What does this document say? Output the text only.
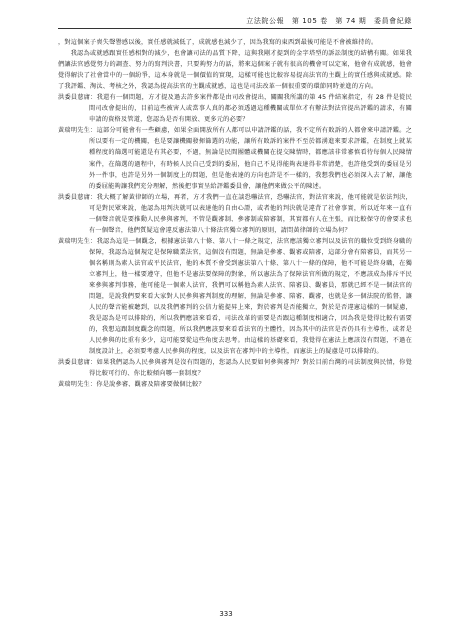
立法院公報　第 105 卷　第 74 期　委員會紀錄

，對這個案子喪失聲譽感以後，實任感就減低了，成就感也減少了，因為我寫的東西到最後可能是不會被維持的。

我認為或就感跟實任感相對的減少，也會讓司法的品質下降，這與我剛才提到的金字塔型的訴訟制度的結構有關。如果我們讓法官感覺努力的調查、努力的寫判決書，只要夠努力的話，將來這個案子就有很高的機會可以定案，他會有成就感，他會覺得解決了社會當中的一個紛爭，這本身就是一個價值的實現，這樣可能也比較容易提高法官的主觀上的實任感與成就感。除了我評鑑、淘汰、考核之外，我認為提高法官的主觀成就感，這也是司法改革一個很重要的環節同時並進的方向。

洪委員慈庸：我還有一個問題，方才提及過去許多案件都是由司改會提出，關關我所講的第 45 件結案指定，有 28 件是從民間司改會提出的，目前這些被害人或當事人真的都必須透過這種機關或單位才有辦法對法官提出評鑑的請求，有關申請的資格及管道，您認為是否有開放、更多元的必要？

黃瑞明先生：這部分可能會有一些顧慮，如果全面開放所有人都可以申請評鑑的話，我不定所有敗訴的人都會來申請評鑑。之所以要有一定的機關，也是要讓機關發揮篩選的功能，讓所有敗訴的案件不至於都湧進來要求評鑑，在制度上就某種程度的篩選可能還是有其必要，不過，無論是民間團體或機關在提交陳情時，都應該非常審慎看待每個人民陳情案件，在篩選的過程中，有時候人民自己受到的委屈，他自己不見得能夠表達得非常清楚，也許他受到的委屈是另外一件事，也許是另外一個制度上的問題，但是他表達的方向也許是不一樣的，我想我們也必須深入去了解，讓他的委屈能夠讓我們充分理解，然後把事實呈給評鑑委員會，讓他們來做公平的陳述。

洪委員慈庸：我大概了解黃律師的立場，再者，方才我們一直在談恐嚇法官，恐嚇法官，對法官來說，他可能就是依法判決，可是對民眾來說，他認為用判決就可以表達他的自由心證，或者他的判決就是違背了社會事實，所以近年來一直有一個聲音就是要推動人民參與審判，不管是觀審制、參審制或陪審制，其實都有人在主張，而比較保守的會要求也有一個聲音，他們質疑這會違反憲法第八十條法官獨立審判的原則，請問黃律師的立場為何？

黃瑞明先生：我認為這是一個觀念，根據憲法第八十條、第八十一條之規定，法官應該獨立審判以及法官的職位受到終身職的保障，我認為這個規定是保障職業法官，這個沒有問題，無論是參審、觀審或陪審，這部分會有陪審員，而其另一個名稱則為素人法官或平民法官，他的本質不會受到憲法第八十條、第八十一條的保障，他不可能是終身職，在獨立審判上，他一樣要遵守，但他不是憲法要保障的對象，所以憲法為了保障法官所做的規定，不應該成為排斥平民來參與審判事務，他可能是一個素人法官，我們可以稱他為素人法官、陪審員、觀審員，那就已經不是一個法官的問題，是說我們要來看大家對人民參與審判制度的理解，無論是參審、陪審、觀審，也就是多一個法院的監督，讓人民的聲音能被聽到，以及我們審判的公信力能提昇上來，對於審判是否能獨立，對於是否違憲這樣的一個疑慮，我是認為是可以排除的，所以我們應該來看看，司法改革的需要是否跟這種制度相適合，因為我是覺得比較有需要的，我想這跟制度觀念的問題，所以我們應該要來看看法官的主體性，因為其中的法官是否仍具有主導性，或者是人民參與的比重有多少，這可能要從這些角度去思考。由這樣的基礎來看，我覺得在憲法上應該沒有問題，不過在制度設計上，必須要考慮人民參與的程度，以及法官在審判中的主導性，而憲法上的疑慮是可以排除的。

洪委員慈庸：如果我們認為人民參與審判是沒有問題的，您認為人民要如何參與審判？對於目前台灣的司法制度與民情，你覺得比較可行的、你比較傾向哪一套制度？

黃瑞明先生：你是說參審、觀審及陪審要做個比較？

333
